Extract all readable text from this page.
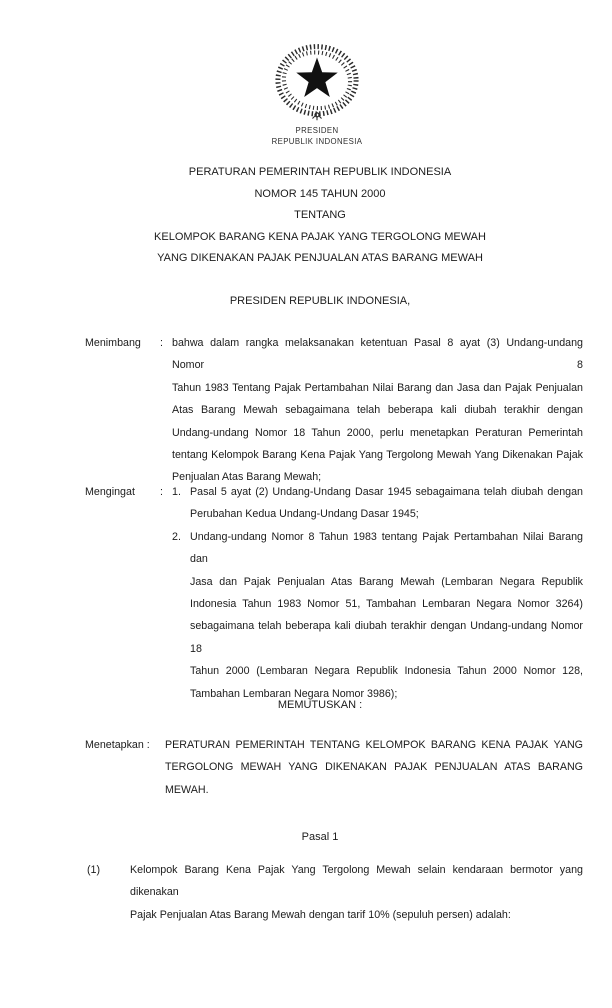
PRESIDEN
REPUBLIK INDONESIA
PERATURAN PEMERINTAH REPUBLIK INDONESIA
NOMOR 145 TAHUN 2000
TENTANG
KELOMPOK BARANG KENA PAJAK YANG TERGOLONG MEWAH
YANG DIKENAKAN PAJAK PENJUALAN ATAS BARANG MEWAH
PRESIDEN REPUBLIK INDONESIA,
Menimbang	: bahwa dalam rangka melaksanakan ketentuan Pasal 8 ayat (3) Undang-undang Nomor 8
Tahun 1983 Tentang Pajak Pertambahan Nilai Barang dan Jasa dan Pajak Penjualan
Atas Barang Mewah sebagaimana telah beberapa kali diubah terakhir dengan
Undang-undang Nomor 18 Tahun 2000, perlu menetapkan Peraturan Pemerintah
tentang Kelompok Barang Kena Pajak Yang Tergolong Mewah Yang Dikenakan Pajak
Penjualan Atas Barang Mewah;
Mengingat	: 1. Pasal 5 ayat (2) Undang-Undang Dasar 1945 sebagaimana telah diubah dengan
Perubahan Kedua Undang-Undang Dasar 1945;
2. Undang-undang Nomor 8 Tahun 1983 tentang Pajak Pertambahan Nilai Barang dan
Jasa dan Pajak Penjualan Atas Barang Mewah (Lembaran Negara Republik
Indonesia Tahun 1983 Nomor 51, Tambahan Lembaran Negara Nomor 3264)
sebagaimana telah beberapa kali diubah terakhir dengan Undang-undang Nomor 18
Tahun 2000 (Lembaran Negara Republik Indonesia Tahun 2000 Nomor 128,
Tambahan Lembaran Negara Nomor 3986);
MEMUTUSKAN :
Menetapkan :	PERATURAN PEMERINTAH TENTANG KELOMPOK BARANG KENA PAJAK YANG
TERGOLONG MEWAH YANG DIKENAKAN PAJAK PENJUALAN ATAS BARANG
MEWAH.
Pasal 1
(1)	Kelompok Barang Kena Pajak Yang Tergolong Mewah selain kendaraan bermotor yang dikenakan
Pajak Penjualan Atas Barang Mewah dengan tarif 10% (sepuluh persen) adalah:
